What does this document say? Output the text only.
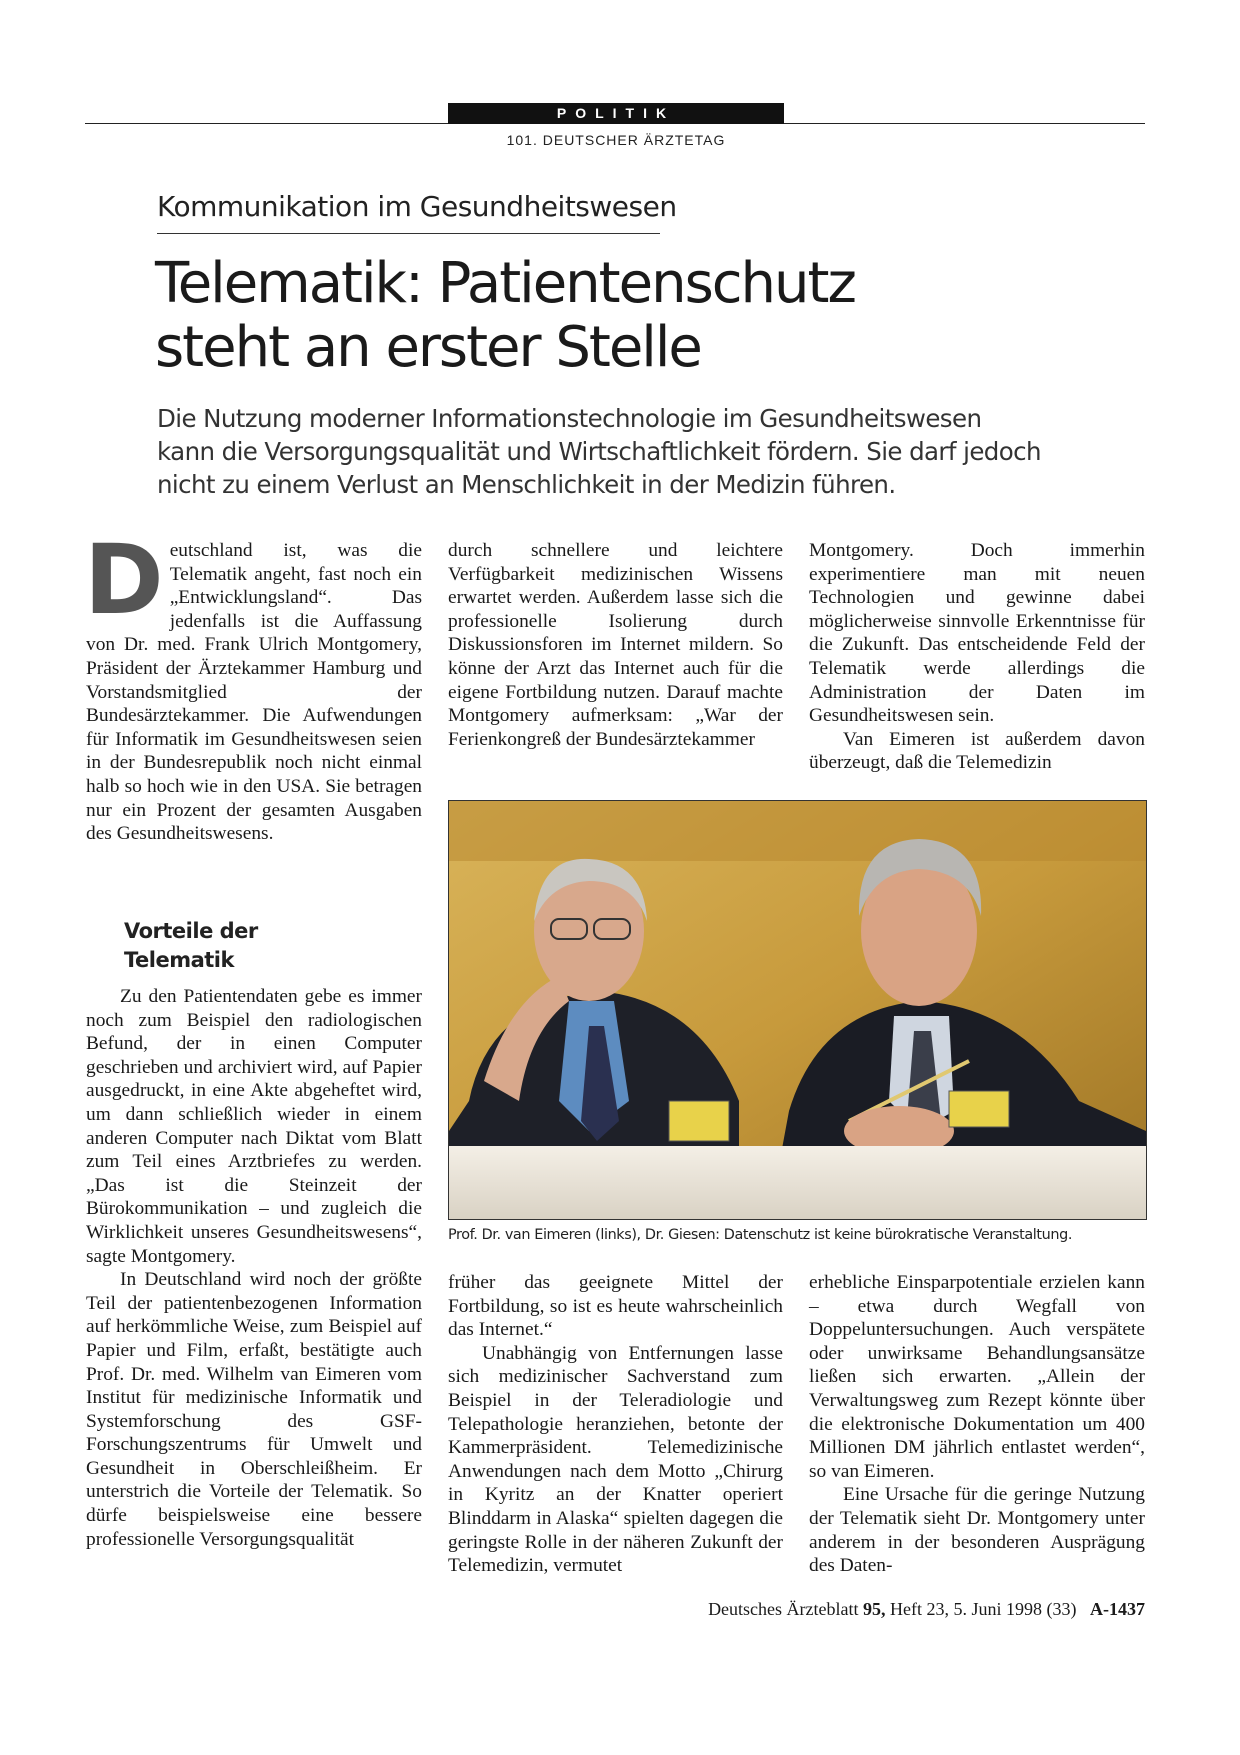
POLITIK
101. DEUTSCHER ÄRZTETAG
Kommunikation im Gesundheitswesen
Telematik: Patientenschutz
steht an erster Stelle
Die Nutzung moderner Informationstechnologie im Gesundheitswesen
kann die Versorgungsqualität und Wirtschaftlichkeit fördern. Sie darf jedoch
nicht zu einem Verlust an Menschlichkeit in der Medizin führen.
D eutschland ist, was die Telematik angeht, fast noch ein „Entwicklungsland“. Das jedenfalls ist die Auffassung von Dr. med. Frank Ulrich Montgomery, Präsident der Ärztekammer Hamburg und Vorstandsmitglied der Bundesärztekammer. Die Aufwendungen für Informatik im Gesundheitswesen seien in der Bundesrepublik noch nicht einmal halb so hoch wie in den USA. Sie betragen nur ein Prozent der gesamten Ausgaben des Gesundheitswesens.

Vorteile der
Telematik

Zu den Patientendaten gebe es immer noch zum Beispiel den radiologischen Befund, der in einen Computer geschrieben und archiviert wird, auf Papier ausgedruckt, in eine Akte abgeheftet wird, um dann schließlich wieder in einem anderen Computer nach Diktat vom Blatt zum Teil eines Arztbriefes zu werden. „Das ist die Steinzeit der Bürokommunikation – und zugleich die Wirklichkeit unseres Gesundheitswesens“, sagte Montgomery.

In Deutschland wird noch der größte Teil der patientenbezogenen Information auf herkömmliche Weise, zum Beispiel auf Papier und Film, erfaßt, bestätigte auch Prof. Dr. med. Wilhelm van Eimeren vom Institut für medizinische Informatik und Systemforschung des GSF-Forschungszentrums für Umwelt und Gesundheit in Oberschleißheim. Er unterstrich die Vorteile der Telematik. So dürfe beispielsweise eine bessere professionelle Versorgungsqualität

durch schnellere und leichtere Verfügbarkeit medizinischen Wissens erwartet werden. Außerdem lasse sich die professionelle Isolierung durch Diskussionsforen im Internet mildern. So könne der Arzt das Internet auch für die eigene Fortbildung nutzen. Darauf machte Montgomery aufmerksam: „War der Ferienkongreß der Bundesärztekammer

Montgomery. Doch immerhin experimentiere man mit neuen Technologien und gewinne dabei möglicherweise sinnvolle Erkenntnisse für die Zukunft. Das entscheidende Feld der Telematik werde allerdings die Administration der Daten im Gesundheitswesen sein.

Van Eimeren ist außerdem davon überzeugt, daß die Telemedizin

Prof. Dr. van Eimeren (links), Dr. Giesen: Datenschutz ist keine bürokratische Veranstaltung.

früher das geeignete Mittel der Fortbildung, so ist es heute wahrscheinlich das Internet.“

Unabhängig von Entfernungen lasse sich medizinischer Sachverstand zum Beispiel in der Teleradiologie und Telepathologie heranziehen, betonte der Kammerpräsident. Telemedizinische Anwendungen nach dem Motto „Chirurg in Kyritz an der Knatter operiert Blinddarm in Alaska“ spielten dagegen die geringste Rolle in der näheren Zukunft der Telemedizin, vermutet

erhebliche Einsparpotentiale erzielen kann – etwa durch Wegfall von Doppeluntersuchungen. Auch verspätete oder unwirksame Behandlungsansätze ließen sich erwarten. „Allein der Verwaltungsweg zum Rezept könnte über die elektronische Dokumentation um 400 Millionen DM jährlich entlastet werden“, so van Eimeren.

Eine Ursache für die geringe Nutzung der Telematik sieht Dr. Montgomery unter anderem in der besonderen Ausprägung des Daten-

Deutsches Ärzteblatt 95, Heft 23, 5. Juni 1998 (33) A-1437
